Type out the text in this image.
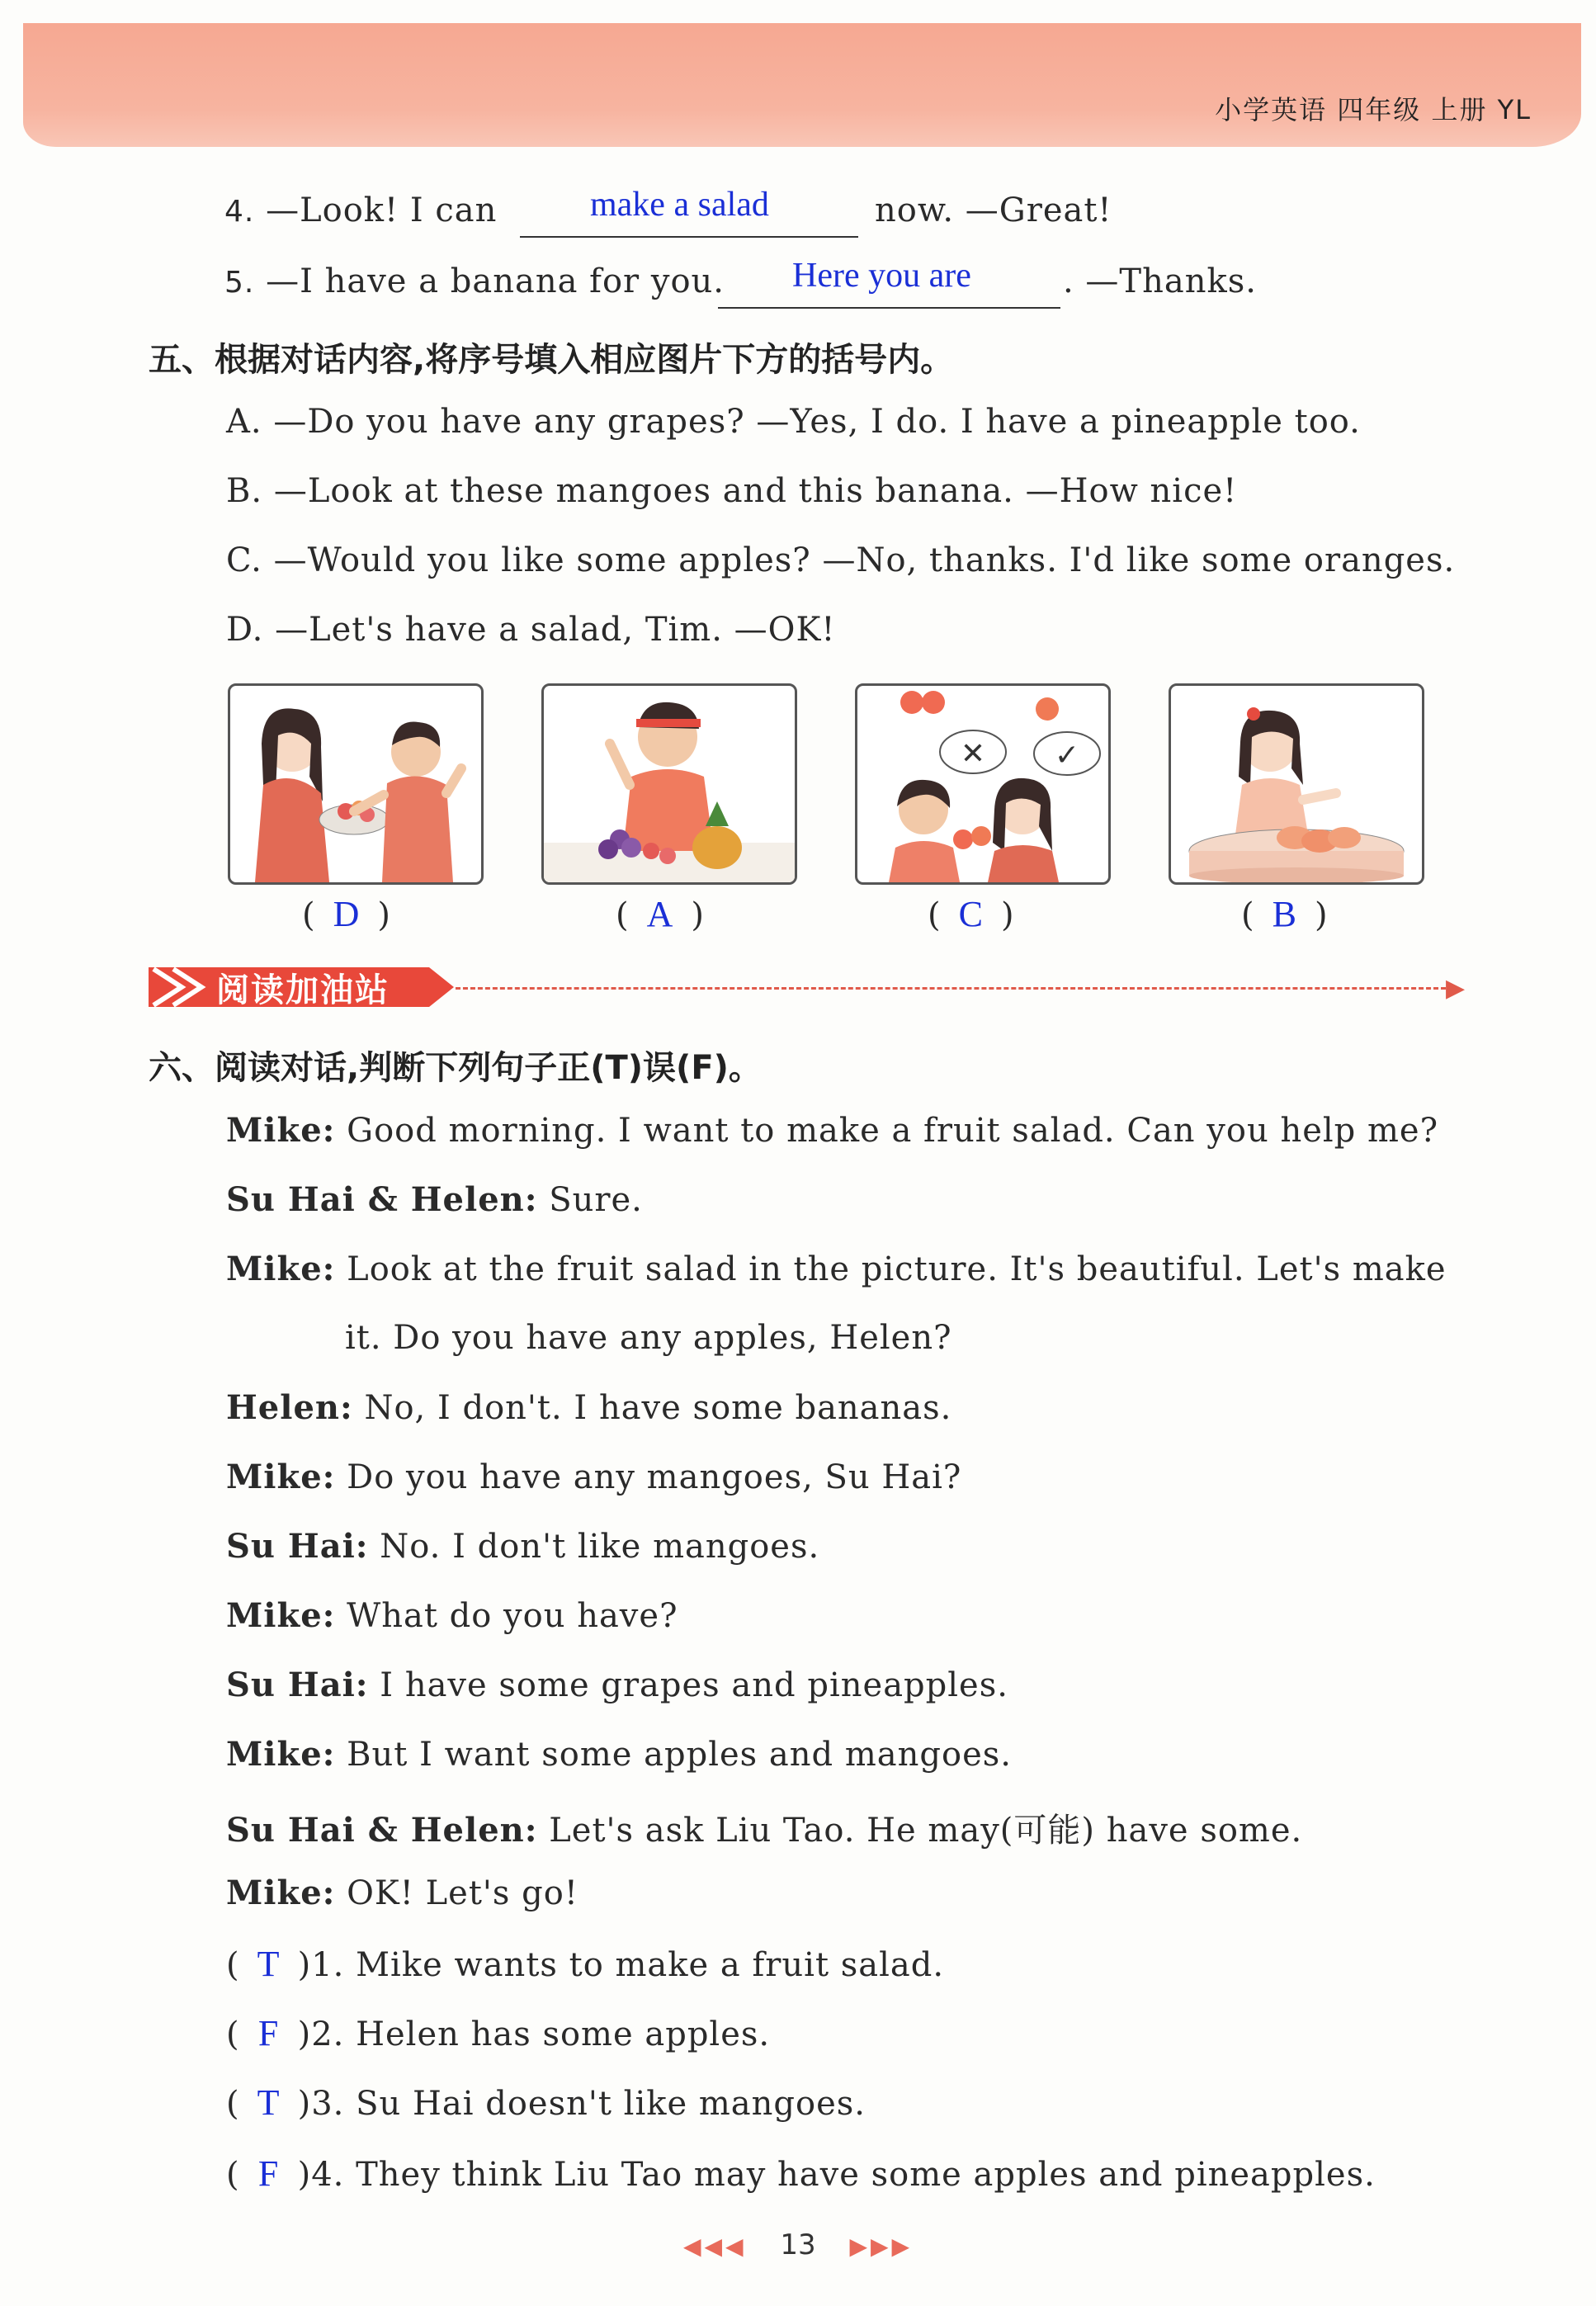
小学英语 四年级 上册 YL
4. —Look! I can	make a salad	now. —Great!
5. —I have a banana for you. Here you are	. —Thanks.
五、根据对话内容,将序号填入相应图片下方的括号内。
A. —Do you have any grapes? —Yes, I do. I have a pineapple too.
B. —Look at these mangoes and this banana. —How nice!
C. —Would you like some apples? —No, thanks. I'd like some oranges.
D. —Let's have a salad, Tim. —OK!
✕ ✓
( D )	( A )	( C )	( B )
阅读加油站	▶
六、阅读对话,判断下列句子正(T)误(F)。
Mike: Good morning. I want to make a fruit salad. Can you help me?
Su Hai & Helen: Sure.
Mike: Look at the fruit salad in the picture. It's beautiful. Let's make
it. Do you have any apples, Helen?
Helen: No, I don't. I have some bananas.
Mike: Do you have any mangoes, Su Hai?
Su Hai: No. I don't like mangoes.
Mike: What do you have?
Su Hai: I have some grapes and pineapples.
Mike: But I want some apples and mangoes.
Su Hai & Helen: Let's ask Liu Tao. He may(可能) have some.
Mike: OK! Let's go!
( T )1. Mike wants to make a fruit salad.
( F )2. Helen has some apples.
( T )3. Su Hai doesn't like mangoes.
( F )4. They think Liu Tao may have some apples and pineapples.
◀◀◀ 13 ▶▶▶
